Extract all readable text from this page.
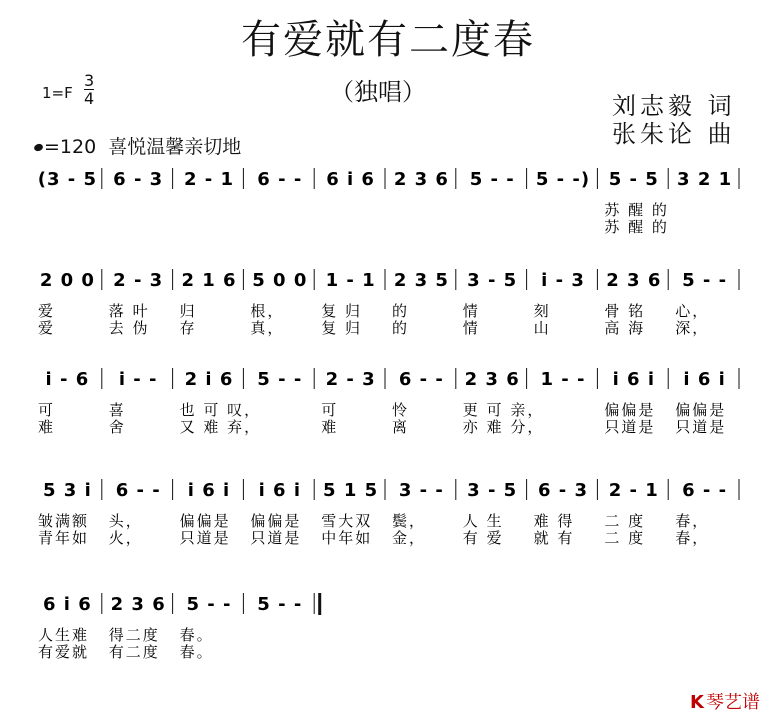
有爱就有二度春
（独唱）	刘志毅 词
张朱论 曲
1=F
3
4
=120 喜悦温馨亲切地
(3 - 5 6 - 3 2 - 1 6 - - 6 i 6 2 3 6 5 - - 5 - -) 5 - 5
苏 醒 的
苏 醒 的
3 2 1
2 0 0
爱
爱
2 - 3
落 叶
去 伪
2 1 6
归
存
5 0 0
根，
真，
1 - 1
复 归
复 归
2 3 5
的
的
3 - 5
情
情
i - 3
刻
山
2 3 6
骨 铭
高 海
5 - -
心，
深，
i - 6
可
难
i - -
喜
舍
2 i 6
也 可 叹，
又 难 弃，
5 - - 2 - 3
可
难
6 - -
怜
离
2 3 6
更 可 亲，
亦 难 分，
1 - - i 6 i
偏偏是
只道是
i 6 i
偏偏是
只道是
5 3 i
皱满额
青年如
6 - -
头，
火，
i 6 i
偏偏是
只道是
i 6 i
偏偏是
只道是
5 1 5
雪大双
中年如
3 - -
鬓，
金，
3 - 5
人 生
有 爱
6 - 3
难 得
就 有
2 - 1
二 度
二 度
6 - -
春，
春，
6 i 6
人生难
有爱就
2 3 6
得二度
有二度
5 - -
春。
春。
5 - -
K 琴艺谱
